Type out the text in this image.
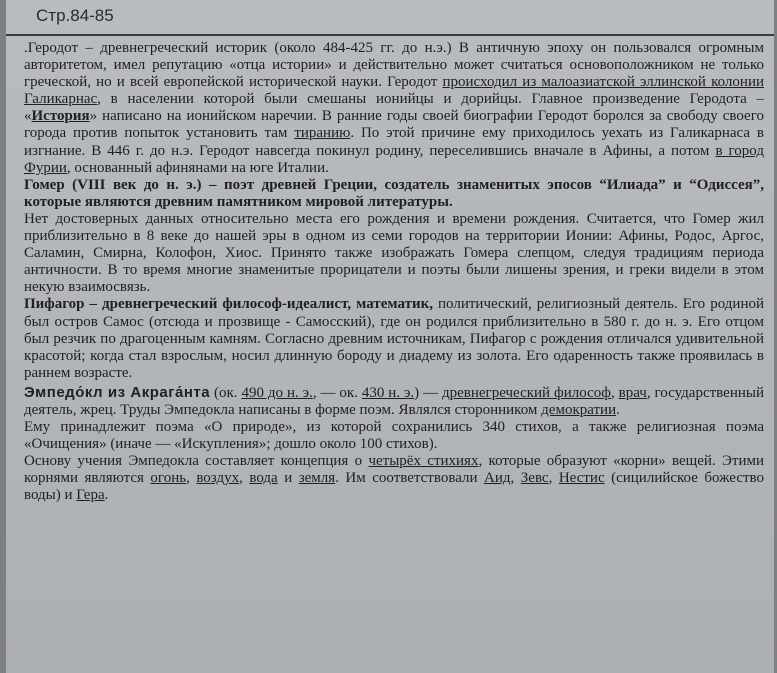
Стр.84-85

.Геродот – древнегреческий историк (около 484-425 гг. до н.э.) В античную эпоху он пользовался огромным авторитетом, имел репутацию «отца истории» и действительно может считаться основоположником не только греческой, но и всей европейской исторической науки. Геродот происходил из малоазиатской эллинской колонии Галикарнас, в населении которой были смешаны ионийцы и дорийцы. Главное произведение Геродота – «История» написано на ионийском наречии. В ранние годы своей биографии Геродот боролся за свободу своего города против попыток установить там тиранию. По этой причине ему приходилось уехать из Галикарнаса в изгнание. В 446 г. до н.э. Геродот навсегда покинул родину, переселившись вначале в Афины, а потом в город Фурии, основанный афинянами на юге Италии.

Гомер (VIII век до н. э.) – поэт древней Греции, создатель знаменитых эпосов “Илиада” и “Одиссея”, которые являются древним памятником мировой литературы.

Нет достоверных данных относительно места его рождения и времени рождения. Считается, что Гомер жил приблизительно в 8 веке до нашей эры в одном из семи городов на территории Ионии: Афины, Родос, Аргос, Саламин, Смирна, Колофон, Хиос. Принято также изображать Гомера слепцом, следуя традициям периода античности. В то время многие знаменитые прорицатели и поэты были лишены зрения, и греки видели в этом некую взаимосвязь.

Пифагор – древнегреческий философ-идеалист, математик, политический, религиозный деятель. Его родиной был остров Самос (отсюда и прозвище - Самосский), где он родился приблизительно в 580 г. до н. э. Его отцом был резчик по драгоценным камням. Согласно древним источникам, Пифагор с рождения отличался удивительной красотой; когда стал взрослым, носил длинную бороду и диадему из золота. Его одаренность также проявилась в раннем возрасте.

Эмпедо́кл из Акрага́нта (ок. 490 до н. э., — ок. 430 н. э.) — древнегреческий философ, врач, государственный деятель, жрец. Труды Эмпедокла написаны в форме поэм. Являлся сторонником демократии.

Ему принадлежит поэма «О природе», из которой сохранились 340 стихов, а также религиозная поэма «Очищения» (иначе — «Искупления»; дошло около 100 стихов).

Основу учения Эмпедокла составляет концепция о четырёх стихиях, которые образуют «корни» вещей. Этими корнями являются огонь, воздух, вода и земля. Им соответствовали Аид, Зевс, Нестис (сицилийское божество воды) и Гера.
